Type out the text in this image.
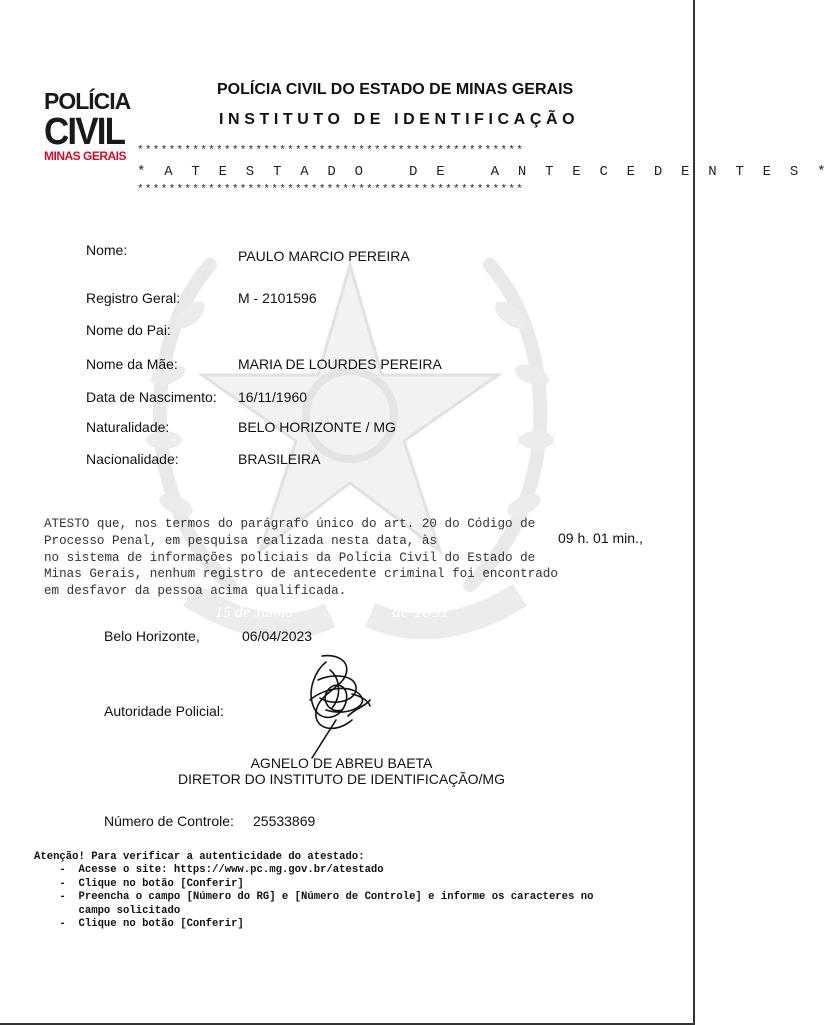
15 de Junho	de 1891
POLÍCIA
CIVIL
MINAS GERAIS
POLÍCIA CIVIL DO ESTADO DE MINAS GERAIS
INSTITUTO DE IDENTIFICAÇÃO
*************************************************
* A T E S T A D O   D E   A N T E C E D E N T E S *
*************************************************
Nome:	PAULO MARCIO PEREIRA
Registro Geral:	M - 2101596
Nome do Pai:
Nome da Mãe:	MARIA DE LOURDES PEREIRA
Data de Nascimento: 16/11/1960
Naturalidade:	BELO HORIZONTE / MG
Nacionalidade:	BRASILEIRA
ATESTO que, nos termos do parágrafo único do art. 20 do Código de
Processo Penal, em pesquisa realizada nesta data, às
no sistema de informações policiais da Polícia Civil do Estado de
Minas Gerais, nenhum registro de antecedente criminal foi encontrado
em desfavor da pessoa acima qualificada.
09 h. 01 min.,
Belo Horizonte,	06/04/2023
Autoridade Policial:
AGNELO DE ABREU BAETA
DIRETOR DO INSTITUTO DE IDENTIFICAÇÃO/MG
Número de Controle: 25533869
Atenção! Para verificar a autenticidade do atestado:
-  Acesse o site: https://www.pc.mg.gov.br/atestado
-  Clique no botão [Conferir]
-  Preencha o campo [Número do RG] e [Número de Controle] e informe os caracteres no
campo solicitado
-  Clique no botão [Conferir]
